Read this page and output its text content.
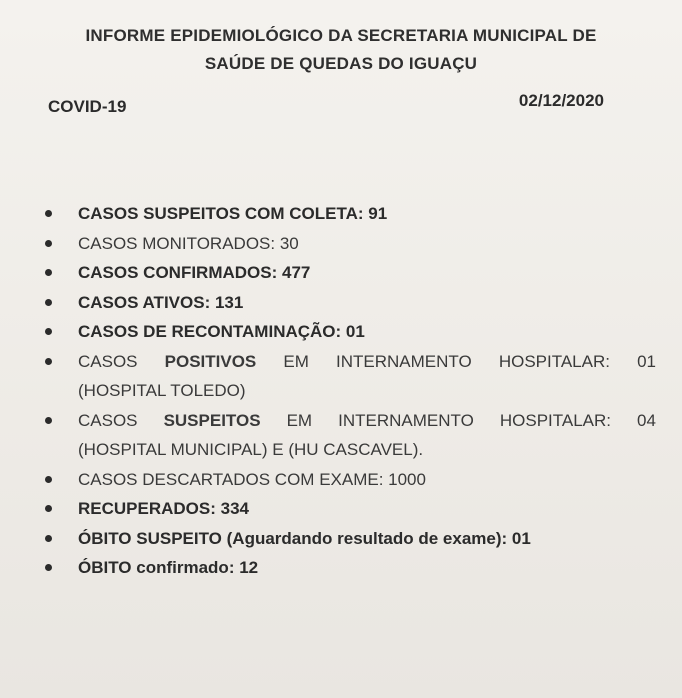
INFORME EPIDEMIOLÓGICO DA SECRETARIA MUNICIPAL DE
SAÚDE DE QUEDAS DO IGUAÇU
COVID-19	02/12/2020
CASOS SUSPEITOS COM COLETA: 91
CASOS MONITORADOS: 30
CASOS CONFIRMADOS: 477
CASOS ATIVOS: 131
CASOS DE RECONTAMINAÇÃO: 01
CASOS POSITIVOS EM INTERNAMENTO HOSPITALAR: 01
(HOSPITAL TOLEDO)
CASOS SUSPEITOS EM INTERNAMENTO HOSPITALAR: 04
(HOSPITAL MUNICIPAL) E (HU CASCAVEL).
CASOS DESCARTADOS COM EXAME: 1000
RECUPERADOS: 334
ÓBITO SUSPEITO (Aguardando resultado de exame): 01
ÓBITO confirmado: 12
